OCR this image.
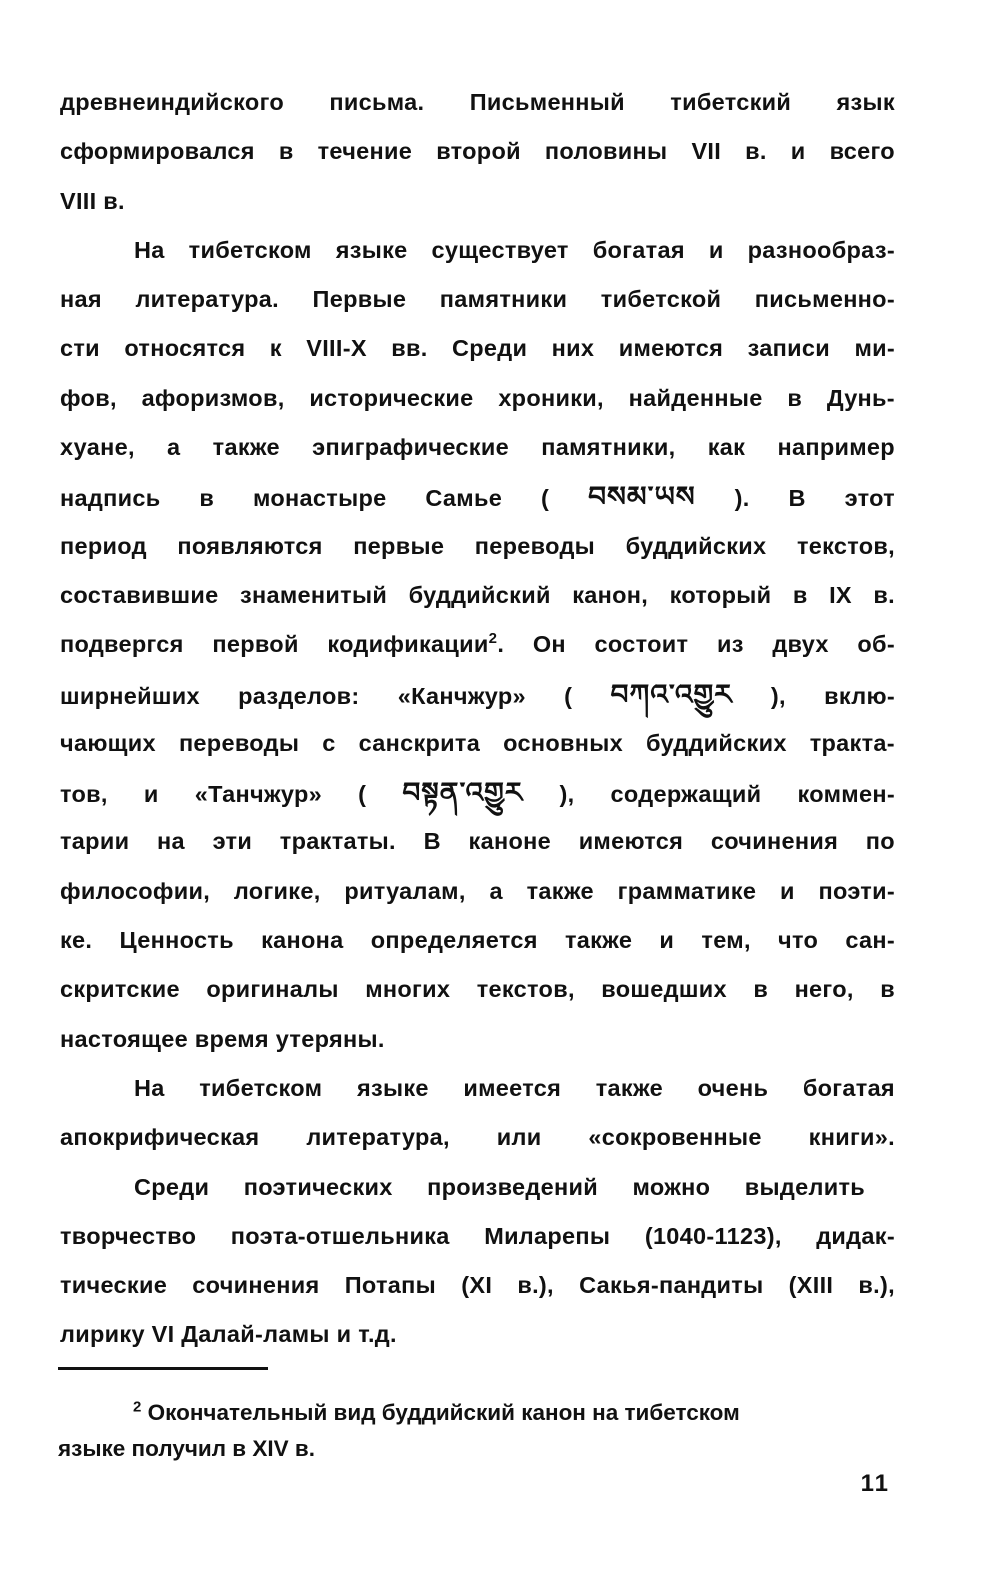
древнеиндийского письма. Письменный тибетский язык
сформировался в течение второй половины VII в. и всего
VIII в.
На тибетском языке существует богатая и разнообраз-
ная литература. Первые памятники тибетской письменно-
сти относятся к VIII-X вв. Среди них имеются записи ми-
фов, афоризмов, исторические хроники, найденные в Дунь-
хуане, а также эпиграфические памятники, как например
надпись в монастыре Самье ( བསམ་ཡས ). В этот
период появляются первые переводы буддийских текстов,
составившие знаменитый буддийский канон, который в IX в.
подвергся первой кодификации$^2$. Он состоит из двух об-
ширнейших разделов: «Канчжур» ( བཀའ་འགྱུར ), вклю-
чающих переводы с санскрита основных буддийских тракта-
тов, и «Танчжур» ( བསྟན་འགྱུར ), содержащий коммен-
тарии на эти трактаты. В каноне имеются сочинения по
философии, логике, ритуалам, а также грамматике и поэти-
ке. Ценность канона определяется также и тем, что сан-
скритские оригиналы многих текстов, вошедших в него, в
настоящее время утеряны.
На тибетском языке имеется также очень богатая
апокрифическая литература, или «сокровенные книги».
Среди поэтических произведений можно выделить
творчество поэта-отшельника Миларепы (1040-1123), дидак-
тические сочинения Потапы (XI в.), Сакья-пандиты (XIII в.),
лирику VI Далай-ламы и т.д.
$^2$ Окончательный вид буддийский канон на тибетском
языке получил в XIV в.
11
